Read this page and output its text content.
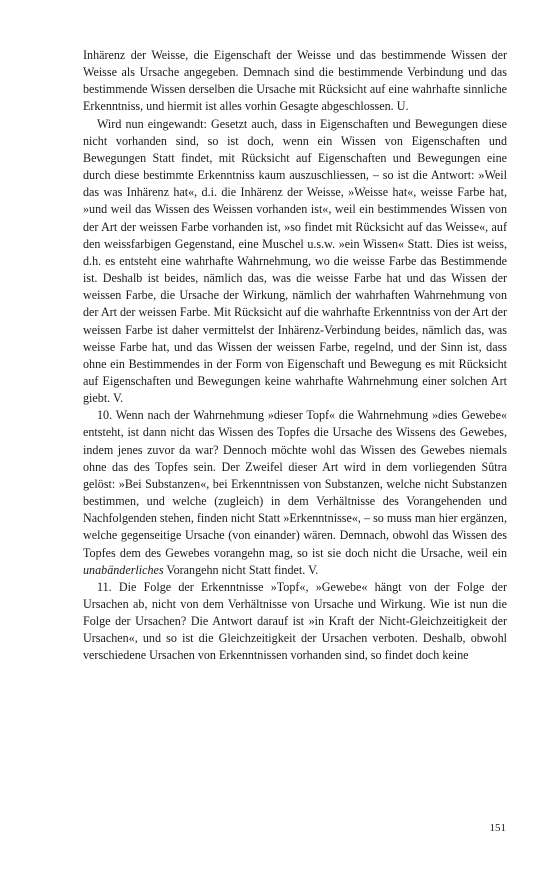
Inhärenz der Weisse, die Eigenschaft der Weisse und das bestimmende Wissen der Weisse als Ursache angegeben. Demnach sind die bestimmende Verbindung und das bestimmende Wissen derselben die Ursache mit Rücksicht auf eine wahrhafte sinnliche Erkenntniss, und hiermit ist alles vorhin Gesagte abgeschlossen. U.

Wird nun eingewandt: Gesetzt auch, dass in Eigenschaften und Bewegungen diese nicht vorhanden sind, so ist doch, wenn ein Wissen von Eigenschaften und Bewegungen Statt findet, mit Rücksicht auf Eigenschaften und Bewegungen eine durch diese bestimmte Erkenntniss kaum auszuschliessen, – so ist die Antwort: »Weil das was Inhärenz hat«, d.i. die Inhärenz der Weisse, »Weisse hat«, weisse Farbe hat, »und weil das Wissen des Weissen vorhanden ist«, weil ein bestimmendes Wissen von der Art der weissen Farbe vorhanden ist, »so findet mit Rücksicht auf das Weisse«, auf den weissfarbigen Gegenstand, eine Muschel u.s.w. »ein Wissen« Statt. Dies ist weiss, d.h. es entsteht eine wahrhafte Wahrnehmung, wo die weisse Farbe das Bestimmende ist. Deshalb ist beides, nämlich das, was die weisse Farbe hat und das Wissen der weissen Farbe, die Ursache der Wirkung, nämlich der wahrhaften Wahrnehmung von der Art der weissen Farbe. Mit Rücksicht auf die wahrhafte Erkenntniss von der Art der weissen Farbe ist daher vermittelst der Inhärenz-Verbindung beides, nämlich das, was weisse Farbe hat, und das Wissen der weissen Farbe, regelnd, und der Sinn ist, dass ohne ein Bestimmendes in der Form von Eigenschaft und Bewegung es mit Rücksicht auf Eigenschaften und Bewegungen keine wahrhafte Wahrnehmung einer solchen Art giebt. V.

10. Wenn nach der Wahrnehmung »dieser Topf« die Wahrnehmung »dies Gewebe« entsteht, ist dann nicht das Wissen des Topfes die Ursache des Wissens des Gewebes, indem jenes zuvor da war? Dennoch möchte wohl das Wissen des Gewebes niemals ohne das des Topfes sein. Der Zweifel dieser Art wird in dem vorliegenden Sûtra gelöst: »Bei Substanzen«, bei Erkenntnissen von Substanzen, welche nicht Substanzen bestimmen, und welche (zugleich) in dem Verhältnisse des Vorangehenden und Nachfolgenden stehen, finden nicht Statt »Erkenntnisse«, – so muss man hier ergänzen, welche gegenseitige Ursache (von einander) wären. Demnach, obwohl das Wissen des Topfes dem des Gewebes vorangehn mag, so ist sie doch nicht die Ursache, weil ein unabänderliches Vorangehn nicht Statt findet. V.

11. Die Folge der Erkenntnisse »Topf«, »Gewebe« hängt von der Folge der Ursachen ab, nicht von dem Verhältnisse von Ursache und Wirkung. Wie ist nun die Folge der Ursachen? Die Antwort darauf ist »in Kraft der Nicht-Gleichzeitigkeit der Ursachen«, und so ist die Gleichzeitigkeit der Ursachen verboten. Deshalb, obwohl verschiedene Ursachen von Erkenntnissen vorhanden sind, so findet doch keine

151
